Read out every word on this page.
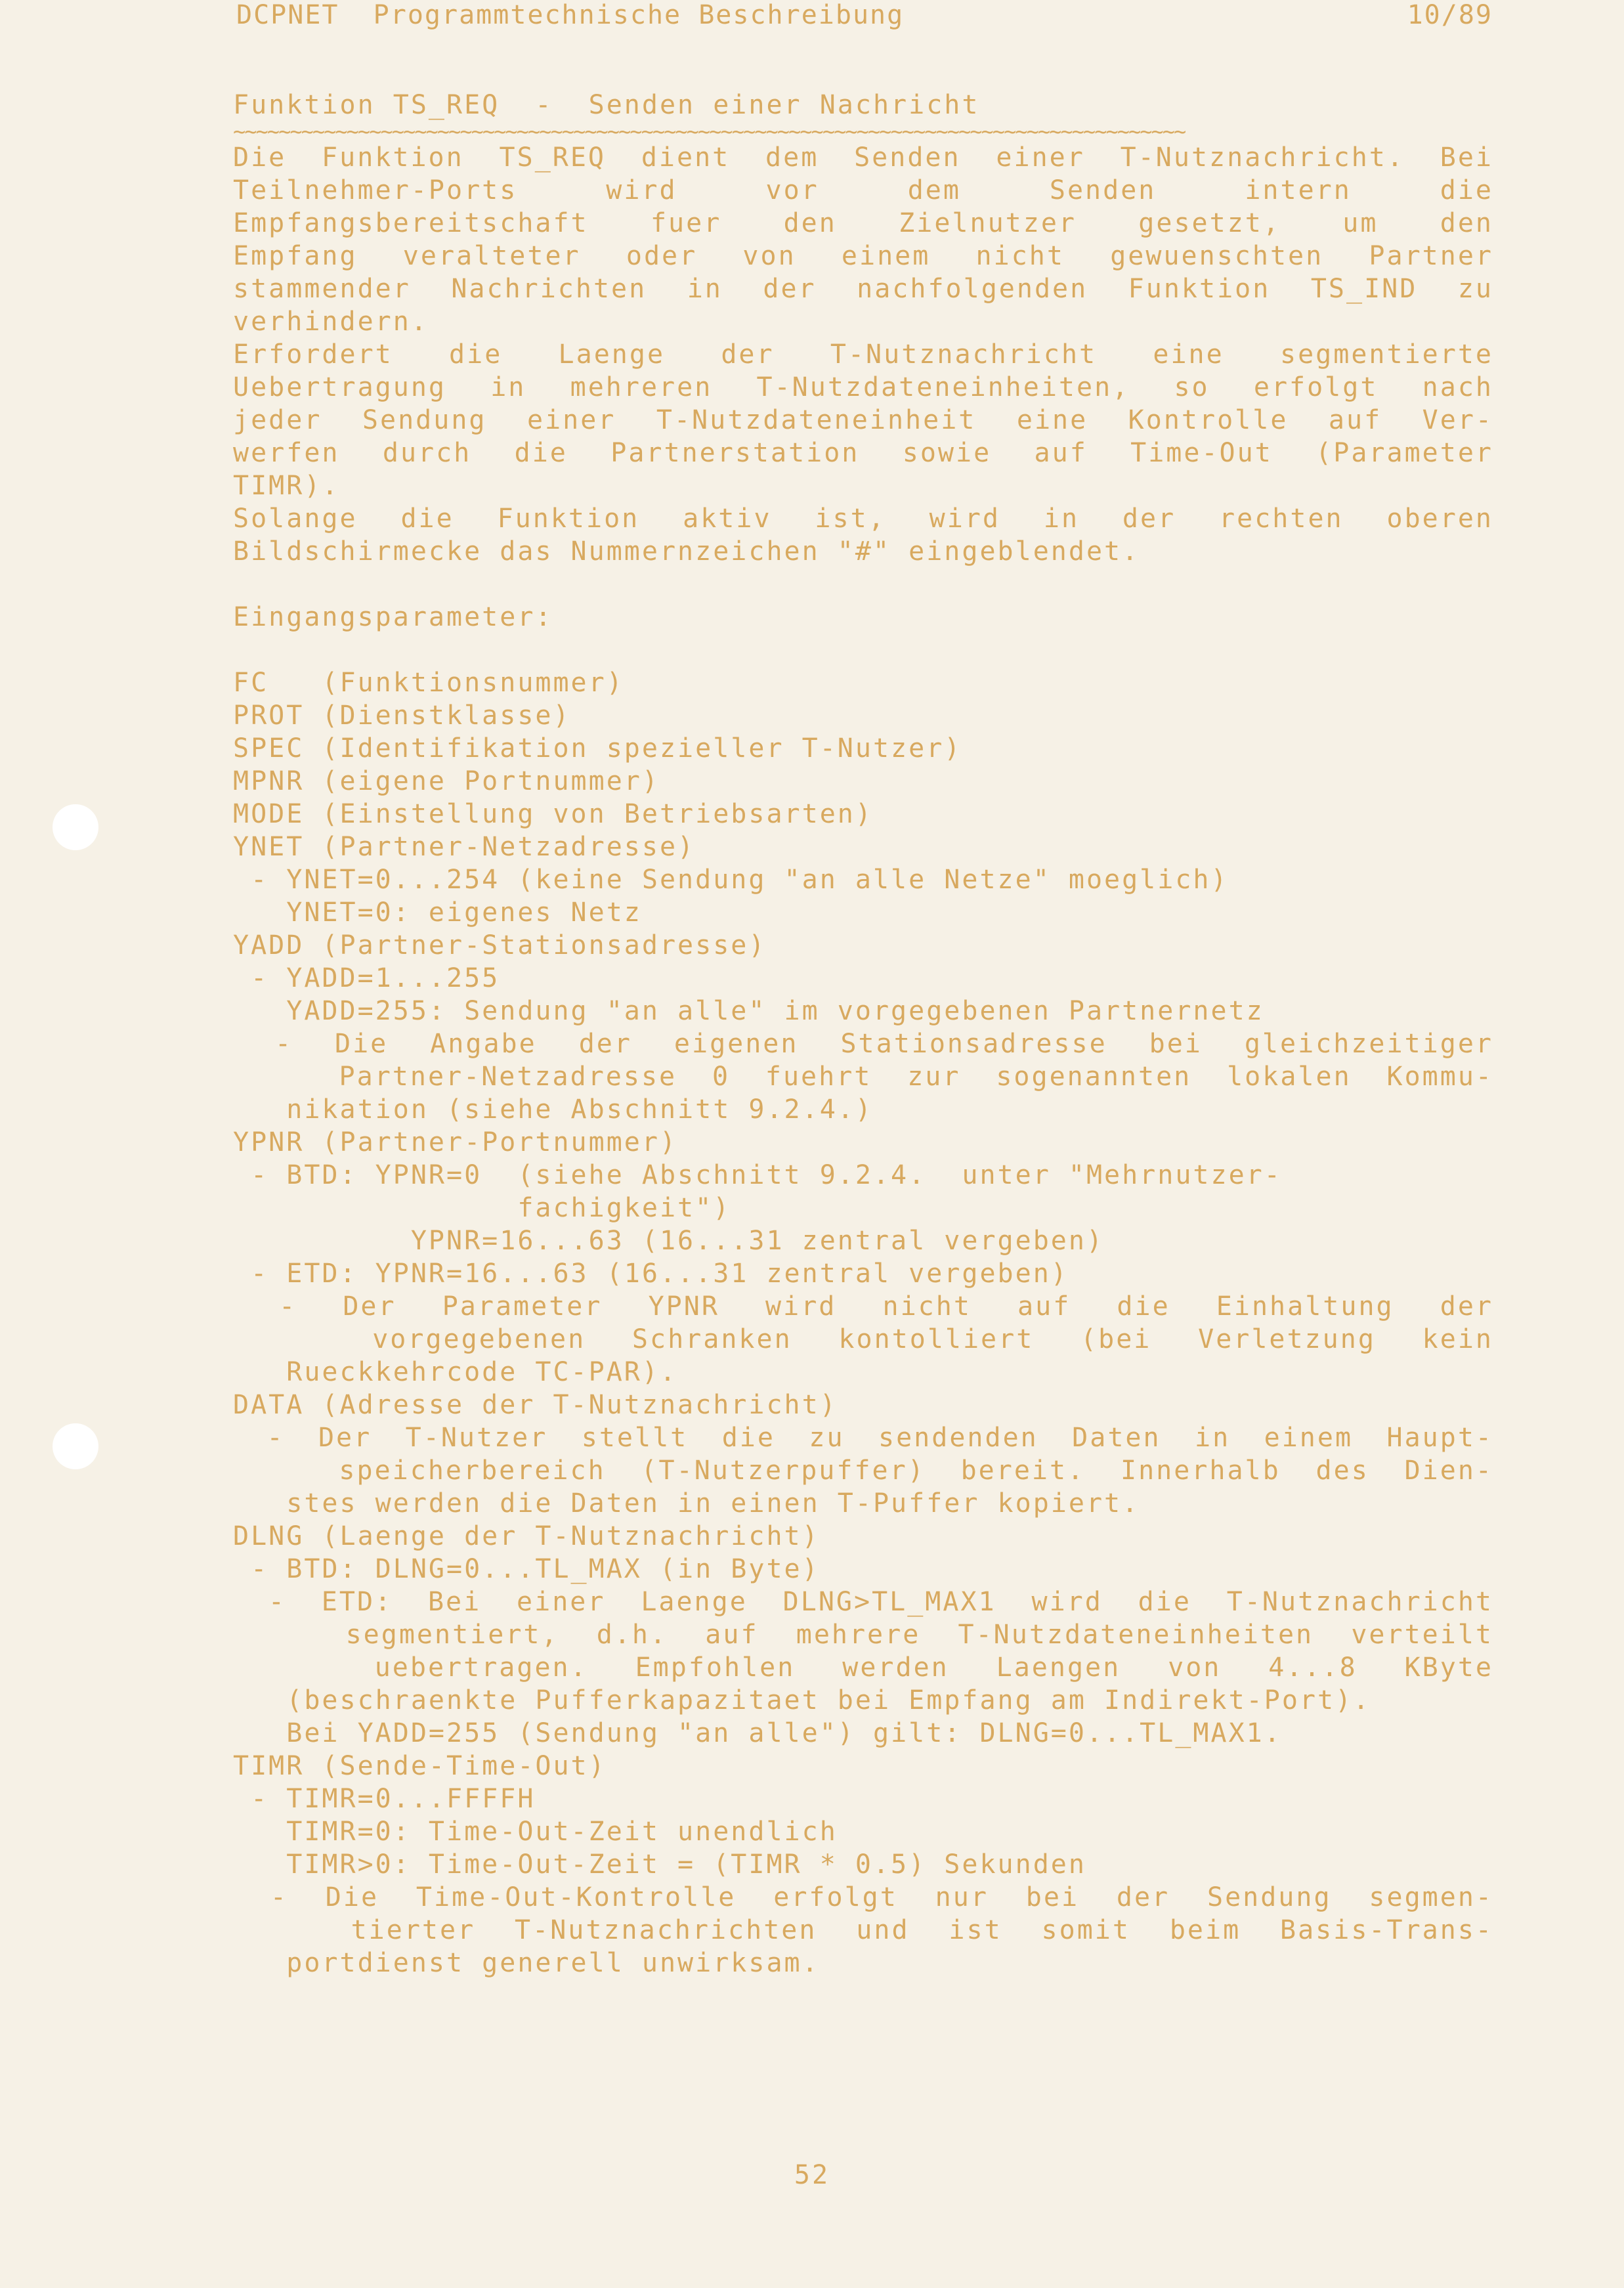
DCPNET  Programmtechnische Beschreibung

	10/89

Funktion TS_REQ  -  Senden einer Nachricht
~~~~~~~~~~~~~~~~~~~~~~~~~~~~~~~~~~~~~~~~~~~~~~~~~~~~~~~~~~~~~~~~~~~~~~~~~~~~~~~~~~~~
Die Funktion TS_REQ dient dem Senden einer T-Nutznachricht. Bei
Teilnehmer-Ports wird vor dem Senden intern die
Empfangsbereitschaft fuer den Zielnutzer gesetzt, um den
Empfang veralteter oder von einem nicht gewuenschten Partner
stammender Nachrichten in der nachfolgenden Funktion TS_IND zu
verhindern.
Erfordert die Laenge der T-Nutznachricht eine segmentierte
Uebertragung in mehreren T-Nutzdateneinheiten, so erfolgt nach
jeder Sendung einer T-Nutzdateneinheit eine Kontrolle auf Ver-
werfen durch die Partnerstation sowie auf Time-Out (Parameter
TIMR).
Solange die Funktion aktiv ist, wird in der rechten oberen
Bildschirmecke das Nummernzeichen "#" eingeblendet.
Eingangsparameter:
FC   (Funktionsnummer)
PROT (Dienstklasse)
SPEC (Identifikation spezieller T-Nutzer)
MPNR (eigene Portnummer)
MODE (Einstellung von Betriebsarten)
YNET (Partner-Netzadresse)
- YNET=0...254 (keine Sendung "an alle Netze" moeglich)
YNET=0: eigenes Netz
YADD (Partner-Stationsadresse)
- YADD=1...255
YADD=255: Sendung "an alle" im vorgegebenen Partnernetz
- Die Angabe der eigenen Stationsadresse bei gleichzeitiger
Partner-Netzadresse 0 fuehrt zur sogenannten lokalen Kommu-
nikation (siehe Abschnitt 9.2.4.)
YPNR (Partner-Portnummer)
- BTD: YPNR=0  (siehe Abschnitt 9.2.4.  unter "Mehrnutzer-
fachigkeit")
YPNR=16...63 (16...31 zentral vergeben)
- ETD: YPNR=16...63 (16...31 zentral vergeben)
- Der Parameter YPNR wird nicht auf die Einhaltung der
vorgegebenen Schranken kontolliert (bei Verletzung kein
Rueckkehrcode TC-PAR).
DATA (Adresse der T-Nutznachricht)
- Der T-Nutzer stellt die zu sendenden Daten in einem Haupt-
speicherbereich (T-Nutzerpuffer) bereit. Innerhalb des Dien-
stes werden die Daten in einen T-Puffer kopiert.
DLNG (Laenge der T-Nutznachricht)
- BTD: DLNG=0...TL_MAX (in Byte)
- ETD: Bei einer Laenge DLNG>TL_MAX1 wird die T-Nutznachricht
segmentiert, d.h. auf mehrere T-Nutzdateneinheiten verteilt
uebertragen. Empfohlen werden Laengen von 4...8 KByte
(beschraenkte Pufferkapazitaet bei Empfang am Indirekt-Port).
Bei YADD=255 (Sendung "an alle") gilt: DLNG=0...TL_MAX1.
TIMR (Sende-Time-Out)
- TIMR=0...FFFFH
TIMR=0: Time-Out-Zeit unendlich
TIMR>0: Time-Out-Zeit = (TIMR * 0.5) Sekunden
- Die Time-Out-Kontrolle erfolgt nur bei der Sendung segmen-
tierter T-Nutznachrichten und ist somit beim Basis-Trans-
portdienst generell unwirksam.
52
